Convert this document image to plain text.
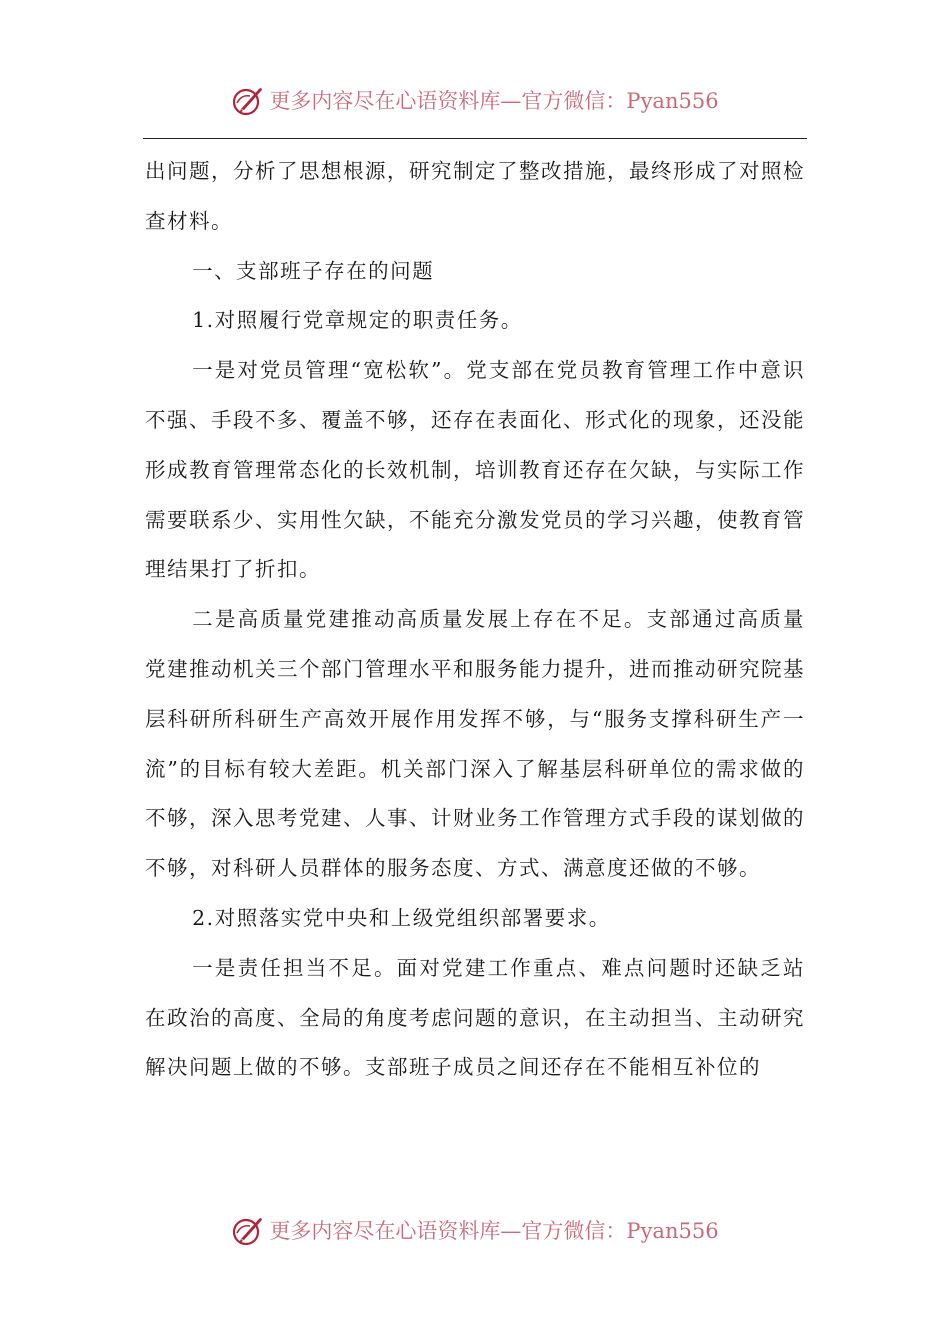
更多内容尽在心语资料库—官方微信：Pyan556

出问题，分析了思想根源，研究制定了整改措施，最终形成了对照检查材料。

一、支部班子存在的问题

1.对照履行党章规定的职责任务。

一是对党员管理“宽松软”。党支部在党员教育管理工作中意识不强、手段不多、覆盖不够，还存在表面化、形式化的现象，还没能形成教育管理常态化的长效机制，培训教育还存在欠缺，与实际工作需要联系少、实用性欠缺，不能充分激发党员的学习兴趣，使教育管理结果打了折扣。

二是高质量党建推动高质量发展上存在不足。支部通过高质量党建推动机关三个部门管理水平和服务能力提升，进而推动研究院基层科研所科研生产高效开展作用发挥不够，与“服务支撑科研生产一流”的目标有较大差距。机关部门深入了解基层科研单位的需求做的不够，深入思考党建、人事、计财业务工作管理方式手段的谋划做的不够，对科研人员群体的服务态度、方式、满意度还做的不够。

2.对照落实党中央和上级党组织部署要求。

一是责任担当不足。面对党建工作重点、难点问题时还缺乏站在政治的高度、全局的角度考虑问题的意识，在主动担当、主动研究解决问题上做的不够。支部班子成员之间还存在不能相互补位的

更多内容尽在心语资料库—官方微信：Pyan556
